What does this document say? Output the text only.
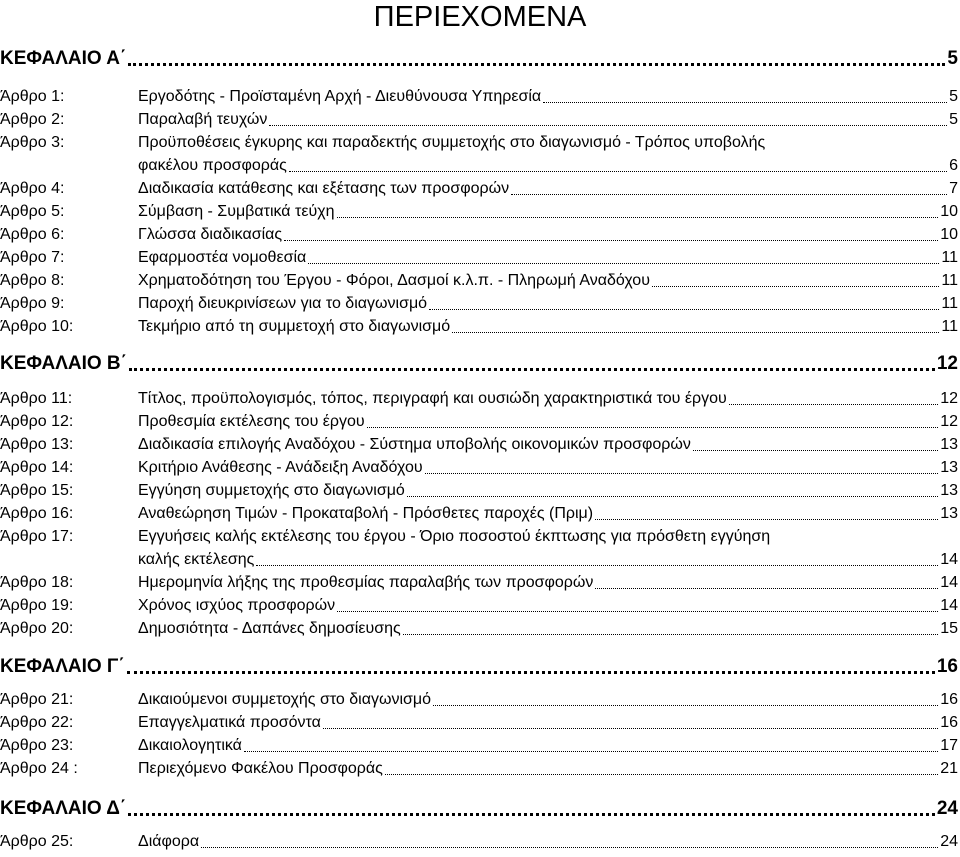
ΠΕΡΙΕΧΟΜΕΝΑ
ΚΕΦΑΛΑΙΟ Α΄	5
Άρθρο 1:	Εργοδότης - Προϊσταμένη Αρχή - Διευθύνουσα Υπηρεσία	5
Άρθρο 2:	Παραλαβή τευχών	5
Άρθρο 3:	Προϋποθέσεις έγκυρης και παραδεκτής συμμετοχής στο διαγωνισμό - Τρόπος υποβολής
φακέλου προσφοράς	6
Άρθρο 4:	Διαδικασία κατάθεσης και εξέτασης των προσφορών	7
Άρθρο 5:	Σύμβαση - Συμβατικά τεύχη	10
Άρθρο 6:	Γλώσσα διαδικασίας	10
Άρθρο 7:	Εφαρμοστέα νομοθεσία	11
Άρθρο 8:	Χρηματοδότηση του Έργου - Φόροι, Δασμοί κ.λ.π. - Πληρωμή Αναδόχου	11
Άρθρο 9:	Παροχή διευκρινίσεων για το διαγωνισμό	11
Άρθρο 10:	Τεκμήριο από τη συμμετοχή στο διαγωνισμό	11
ΚΕΦΑΛΑΙΟ Β΄	12
Άρθρο 11:	Τίτλος, προϋπολογισμός, τόπος, περιγραφή και ουσιώδη χαρακτηριστικά του έργου	12
Άρθρο 12:	Προθεσμία εκτέλεσης του έργου	12
Άρθρο 13:	Διαδικασία επιλογής Αναδόχου - Σύστημα υποβολής οικονομικών προσφορών	13
Άρθρο 14:	Κριτήριο Ανάθεσης - Ανάδειξη Αναδόχου	13
Άρθρο 15:	Εγγύηση συμμετοχής στο διαγωνισμό	13
Άρθρο 16:	Αναθεώρηση Τιμών - Προκαταβολή - Πρόσθετες παροχές (Πριμ)	13
Άρθρο 17:	Εγγυήσεις καλής εκτέλεσης του έργου - Όριο ποσοστού έκπτωσης για πρόσθετη εγγύηση
καλής εκτέλεσης	14
Άρθρο 18:	Ημερομηνία λήξης της προθεσμίας παραλαβής των προσφορών	14
Άρθρο 19:	Χρόνος ισχύος προσφορών	14
Άρθρο 20:	Δημοσιότητα - Δαπάνες δημοσίευσης	15
ΚΕΦΑΛΑΙΟ Γ΄	16
Άρθρο 21:	Δικαιούμενοι συμμετοχής στο διαγωνισμό	16
Άρθρο 22:	Επαγγελματικά προσόντα	16
Άρθρο 23:	Δικαιολογητικά	17
Άρθρο 24 :	Περιεχόμενο Φακέλου Προσφοράς	21
ΚΕΦΑΛΑΙΟ Δ΄	24
Άρθρο 25:	Διάφορα	24
